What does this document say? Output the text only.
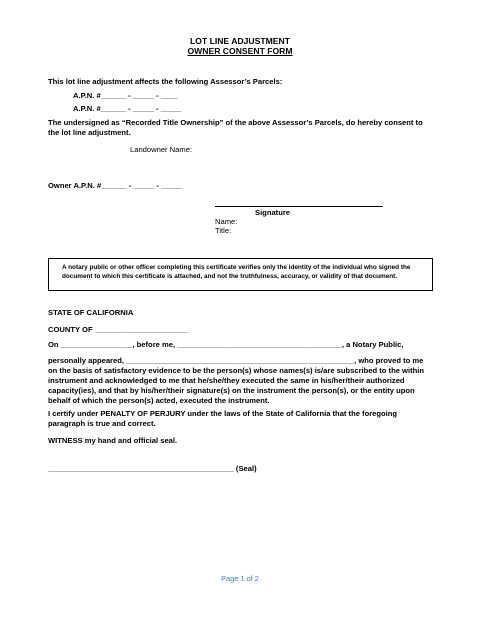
LOT LINE ADJUSTMENT
OWNER CONSENT FORM
This lot line adjustment affects the following Assessor’s Parcels:
A.P.N. #______ - _____ - ____
A.P.N. #______ - _____ - _____
The undersigned as “Recorded Title Ownership” of the above Assessor’s Parcels, do hereby consent to the lot line adjustment.
Landowner Name:
Owner A.P.N. #______ - _____ - _____
Signature
Name:
Title:
A notary public or other officer completing this certificate verifies only the identity of the individual who signed the document to which this certificate is attached, and not the truthfulness, accuracy, or validity of that document.
STATE OF CALIFORNIA
COUNTY OF ______________________
On _________________, before me, _______________________________________, a Notary Public,
personally appeared, ______________________________________________________, who proved to me on the basis of satisfactory evidence to be the person(s) whose names(s) is/are subscribed to the within instrument and acknowledged to me that he/she/they executed the same in his/her/their authorized capacity(ies), and that by his/her/their signature(s) on the instrument the person(s), or the entity upon behalf of which the person(s) acted, executed the instrument.
I certify under PENALTY OF PERJURY under the laws of the State of California that the foregoing paragraph is true and correct.
WITNESS my hand and official seal.
____________________________________________ (Seal)
Page 1 of 2
